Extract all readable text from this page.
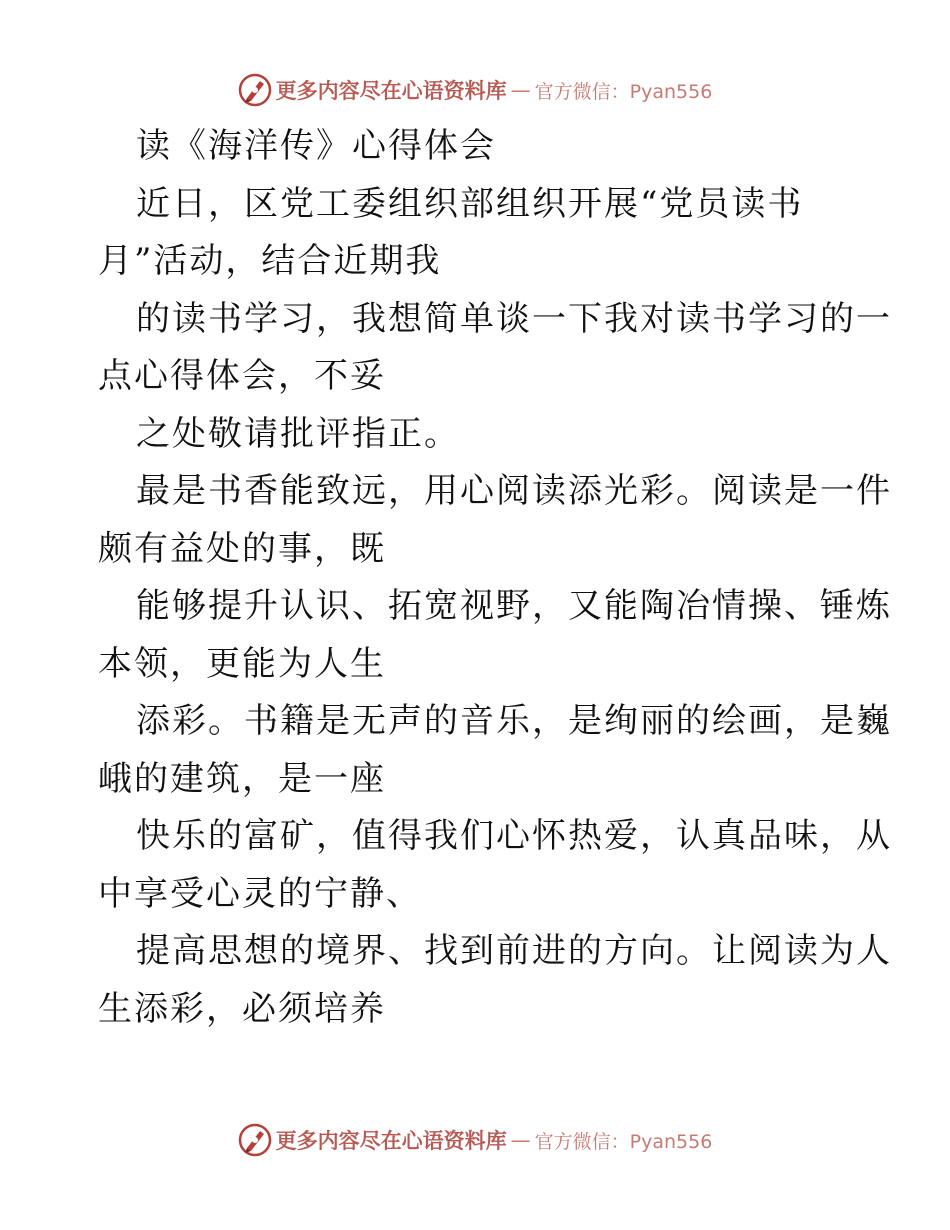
更多内容尽在心语资料库 — 官方微信：Pyan556
读《海洋传》心得体会
近日，区党工委组织部组织开展“党员读书
月”活动，结合近期我
的读书学习，我想简单谈一下我对读书学习的一
点心得体会，不妥
之处敬请批评指正。
最是书香能致远，用心阅读添光彩。阅读是一件
颇有益处的事，既
能够提升认识、拓宽视野，又能陶冶情操、锤炼
本领，更能为人生
添彩。书籍是无声的音乐，是绚丽的绘画，是巍
峨的建筑，是一座
快乐的富矿，值得我们心怀热爱，认真品味，从
中享受心灵的宁静、
提高思想的境界、找到前进的方向。让阅读为人
生添彩，必须培养
更多内容尽在心语资料库 — 官方微信：Pyan556
